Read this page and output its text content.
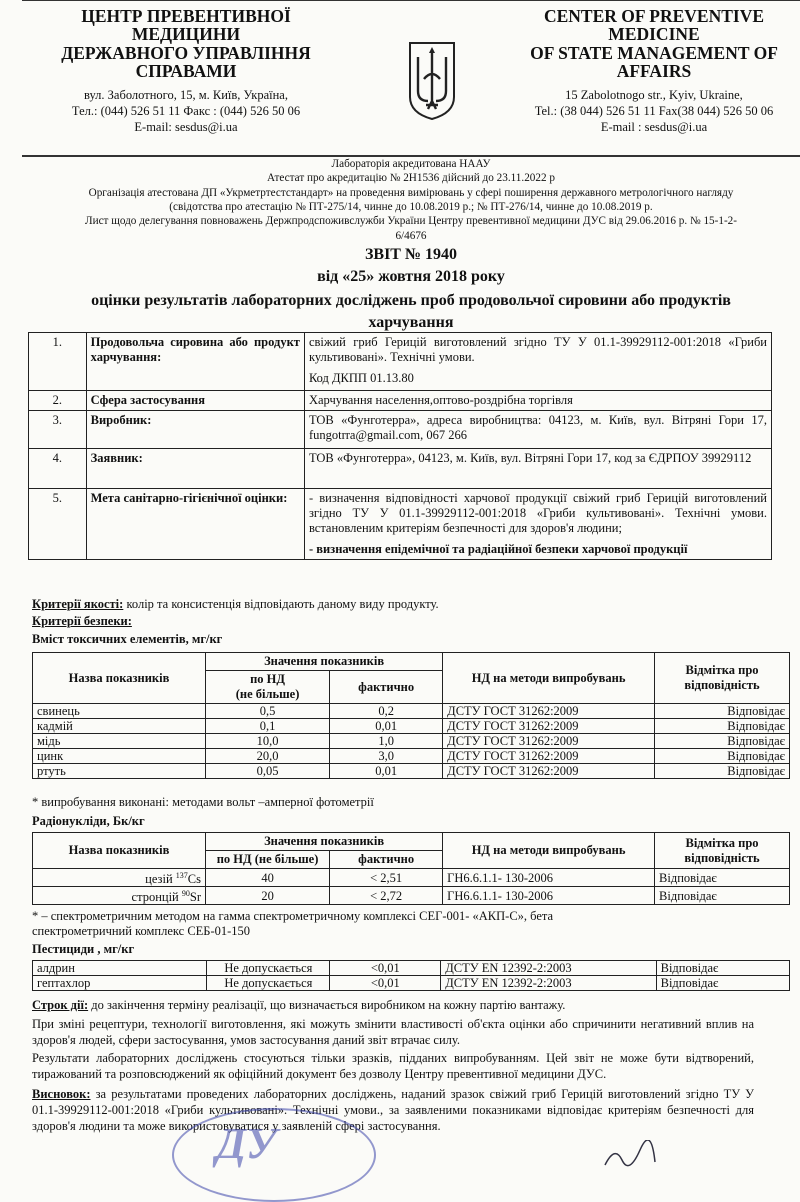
ЦЕНТР ПРЕВЕНТИВНОЇ
МЕДИЦИНИ
ДЕРЖАВНОГО УПРАВЛІННЯ
СПРАВАМИ
вул. Заболотного, 15, м. Київ, Україна,
Тел.: (044) 526 51 11 Факс : (044) 526 50 06
E-mail: sesdus@i.ua
CENTER OF PREVENTIVE
MEDICINE
OF STATE MANAGEMENT OF
AFFAIRS
15 Zabolotnogo str., Kyiv, Ukraine,
Tel.: (38 044) 526 51 11 Fax(38 044) 526 50 06
E-mail : sesdus@i.ua
Лабораторія акредитована НААУ
Атестат про акредитацію № 2Н1536 дійсний до 23.11.2022 р
Організація атестована ДП «Укрметртестстандарт» на проведення вимірювань у сфері поширення державного метрологічного нагляду
(свідотства про атестацію № ПТ-275/14, чинне до 10.08.2019 р.; № ПТ-276/14, чинне до 10.08.2019 р.
Лист щодо делегування повноважень Держпродспоживслужби України Центру превентивної медицини ДУС від 29.06.2016 р. № 15-1-2-
6/4676
ЗВІТ № 1940
від «25» жовтня 2018 року
оцінки результатів лабораторних досліджень проб продовольчої сировини або продуктів
харчування
1.	Продовольча сировина або продукт харчування:	свіжий гриб Герицій виготовлений згідно ТУ У 01.1-39929112-001:2018 «Гриби культивовані». Технічні умови.
Код ДКПП 01.13.80

2.	Сфера застосування	Харчування населення,оптово-роздрібна торгівля
3.	Виробник:	ТОВ «Фунготерра», адреса виробництва: 04123, м. Київ, вул. Вітряні Гори 17, fungotrra@gmail.com, 067 266
4.	Заявник:	ТОВ «Фунготерра», 04123, м. Київ, вул. Вітряні Гори 17, код за ЄДРПОУ 39929112
5.	Мета санітарно-гігієнічної оцінки:	- визначення відповідності харчової продукції свіжий гриб Герицій виготовлений згідно ТУ У 01.1-39929112-001:2018 «Гриби культивовані». Технічні умови. встановленим критеріям безпечності для здоров'я людини;
- визначення епідемічної та радіаційної безпеки харчової продукції
Критерії якості: колір та консистенція відповідають даному виду продукту.
Критерії безпеки:
Вміст токсичних елементів, мг/кг
Назва показників	Значення показників		НД на методи випробувань	Відмітка про
відповідність

	по НД
(не більше)	фактично		
свинець	0,5	0,2	ДСТУ ГОСТ 31262:2009	Відповідає
кадмій	0,1	0,01	ДСТУ ГОСТ 31262:2009	Відповідає
мідь	10,0	1,0	ДСТУ ГОСТ 31262:2009	Відповідає
цинк	20,0	3,0	ДСТУ ГОСТ 31262:2009	Відповідає
ртуть	0,05	0,01	ДСТУ ГОСТ 31262:2009	Відповідає
* випробування виконані: методами вольт –амперної фотометрії
Радіонукліди, Бк/кг
Назва показників	Значення показників		НД на методи випробувань	Відмітка про
відповідність

	по НД (не більше)	фактично		
цезій $^{137}$Cs	40	< 2,51	ГН6.6.1.1- 130-2006	Відповідає
стронцій $^{90}$Sr	20	< 2,72	ГН6.6.1.1- 130-2006	Відповідає
* – спектрометричним методом на гамма спектрометричному комплексі СЕГ-001- «АКП-С», бета
спектрометричний комплекс СЕБ-01-150
Пестициди , мг/кг
алдрин	Не допускається	<0,01	ДСТУ EN 12392-2:2003	Відповідає
гептахлор	Не допускається	<0,01	ДСТУ EN 12392-2:2003	Відповідає
Строк дії: до закінчення терміну реалізації, що визначається виробником на кожну партію вантажу.
При зміні рецептури, технології виготовлення, які можуть змінити властивості об'єкта оцінки або спричинити негативний вплив на здоров'я людей, сфери застосування, умов застосування даний звіт втрачає силу.
Результати лабораторних досліджень стосуються тільки зразків, підданих випробуванням. Цей звіт не може бути відтворений, тиражований та розповсюджений як офіційний документ без дозволу Центру превентивної медицини ДУС.
Висновок: за результатами проведених лабораторних досліджень, наданий зразок свіжий гриб Герицій виготовлений згідно ТУ У 01.1-39929112-001:2018 «Гриби культивовані». Технічні умови., за заявленими показниками відповідає критеріям безпечності для здоров'я людини та може використовуватися у заявленій сфері застосування.
ДУ
